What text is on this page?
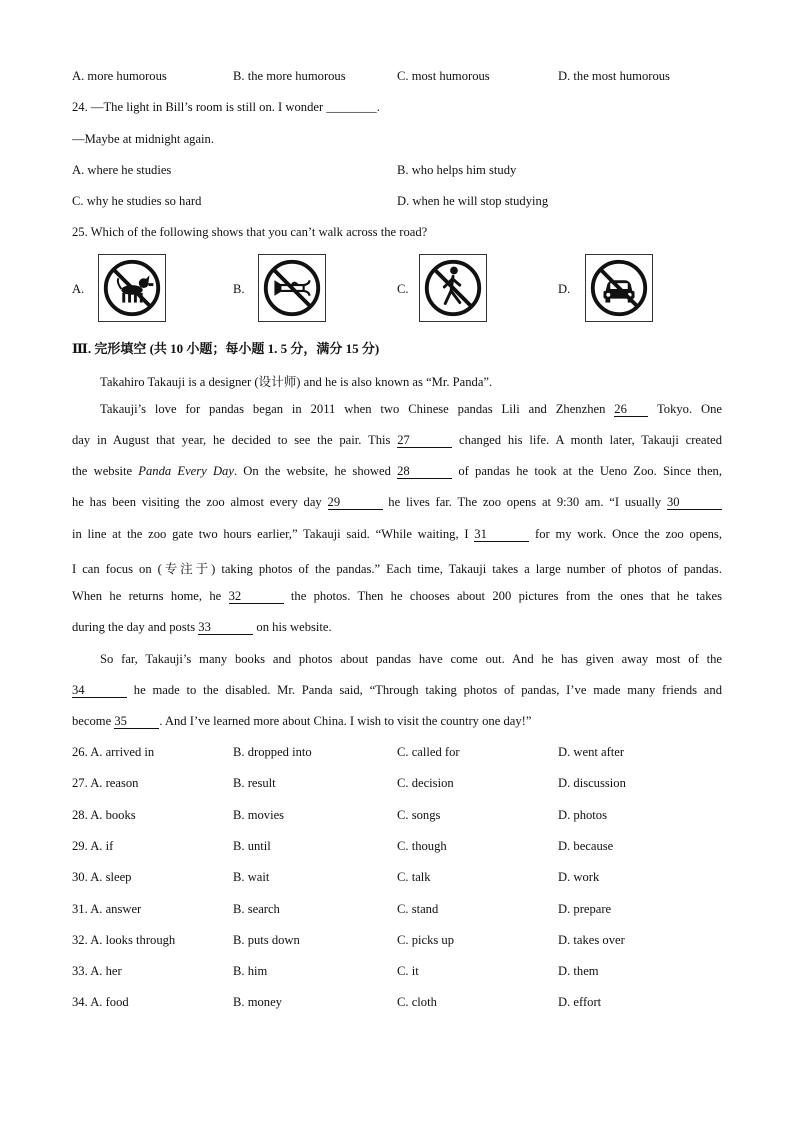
A. more humorous	B. the more humorous	C. most humorous	D. the most humorous
24. —The light in Bill’s room is still on. I wonder ________.
—Maybe at midnight again.
A. where he studies	B. who helps him study
C. why he studies so hard	D. when he will stop studying
25. Which of the following shows that you can’t walk across the road?
A.	B.	C.	D.
Ⅲ. 完形填空 (共 10 小题；每小题 1. 5 分，满分 15 分)
Takahiro Takauji is a designer (设计师) and he is also known as “Mr. Panda”.
Takauji’s love for pandas began in 2011 when two Chinese pandas Lili and Zhenzhen 26 Tokyo. One
day in August that year, he decided to see the pair. This 27	changed his life. A month later, Takauji created
the website Panda Every Day. On the website, he showed 28	of pandas he took at the Ueno Zoo. Since then,
he has been visiting the zoo almost every day 29	he lives far. The zoo opens at 9:30 am. “I usually 30
in line at the zoo gate two hours earlier,” Takauji said. “While waiting, I 31	for my work. Once the zoo opens,
I can focus on (专注于) taking photos of the pandas.” Each time, Takauji takes a large number of photos of pandas.
When he returns home, he 32	the photos. Then he chooses about 200 pictures from the ones that he takes
during the day and posts 33	on his website.
So far, Takauji’s many books and photos about pandas have come out. And he has given away most of the
34	he made to the disabled. Mr. Panda said, “Through taking photos of pandas, I’ve made many friends and
become 35	. And I’ve learned more about China. I wish to visit the country one day!”
26. A. arrived in	B. dropped into	C. called for	D. went after
27. A. reason	B. result	C. decision	D. discussion
28. A. books	B. movies	C. songs	D. photos
29. A. if	B. until	C. though	D. because
30. A. sleep	B. wait	C. talk	D. work
31. A. answer	B. search	C. stand	D. prepare
32. A. looks through	B. puts down	C. picks up	D. takes over
33. A. her	B. him	C. it	D. them
34. A. food	B. money	C. cloth	D. effort
